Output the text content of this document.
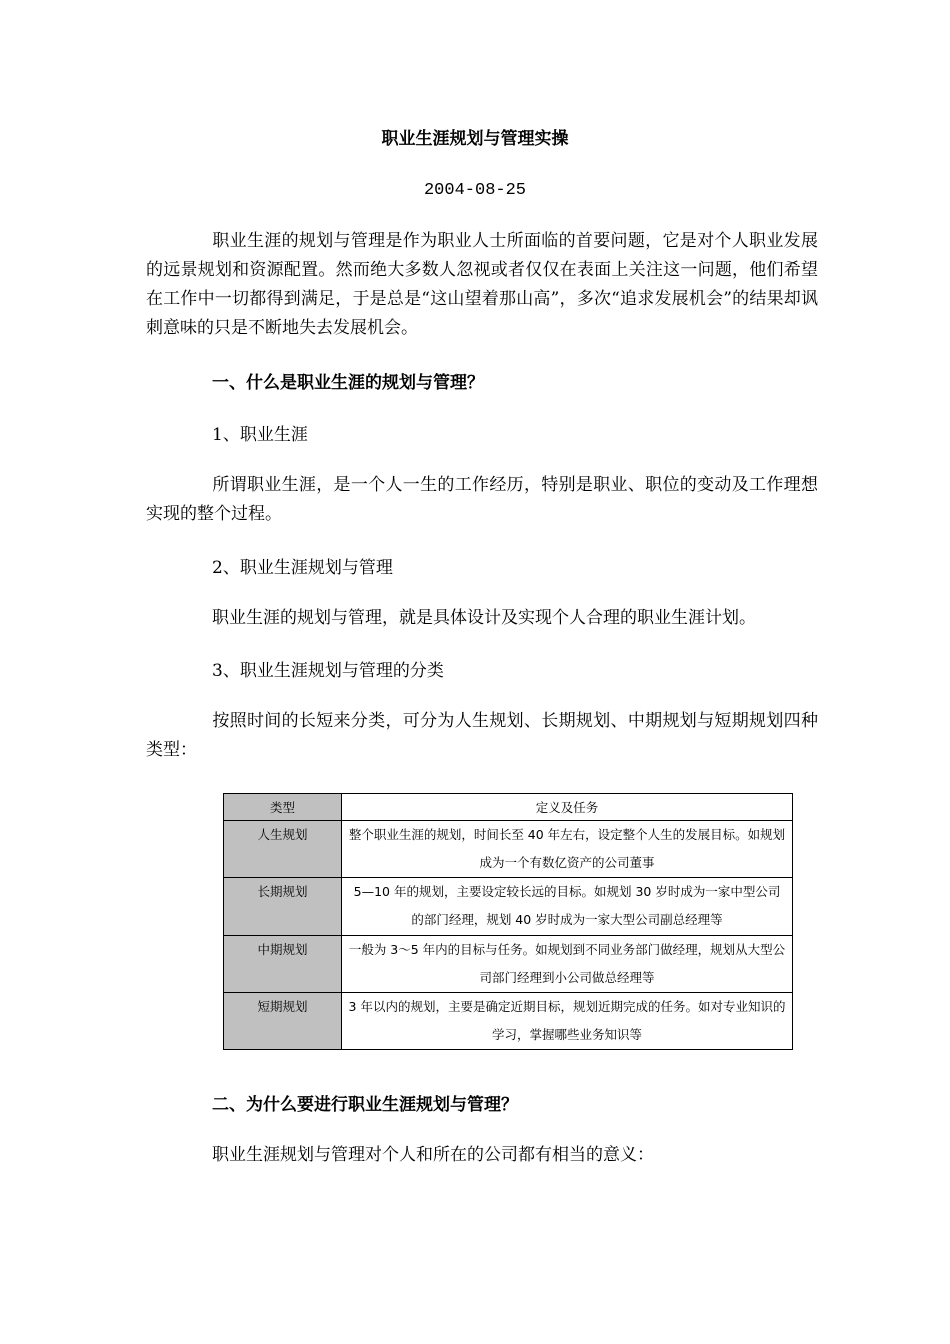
职业生涯规划与管理实操
2004-08-25
职业生涯的规划与管理是作为职业人士所面临的首要问题，它是对个人职业发展的远景规划和资源配置。然而绝大多数人忽视或者仅仅在表面上关注这一问题，他们希望在工作中一切都得到满足，于是总是“这山望着那山高”，多次“追求发展机会”的结果却讽刺意味的只是不断地失去发展机会。
一、什么是职业生涯的规划与管理？
1、职业生涯
所谓职业生涯，是一个人一生的工作经历，特别是职业、职位的变动及工作理想实现的整个过程。
2、职业生涯规划与管理
职业生涯的规划与管理，就是具体设计及实现个人合理的职业生涯计划。
3、职业生涯规划与管理的分类
按照时间的长短来分类，可分为人生规划、长期规划、中期规划与短期规划四种类型：
类型	定义及任务
人生规划	整个职业生涯的规划，时间长至 40 年左右，设定整个人生的发展目标。如规划成为一个有数亿资产的公司董事
长期规划	5—10 年的规划，主要设定较长远的目标。如规划 30 岁时成为一家中型公司的部门经理，规划 40 岁时成为一家大型公司副总经理等
中期规划	一般为 3～5 年内的目标与任务。如规划到不同业务部门做经理，规划从大型公司部门经理到小公司做总经理等
短期规划	3 年以内的规划，主要是确定近期目标，规划近期完成的任务。如对专业知识的学习，掌握哪些业务知识等
二、为什么要进行职业生涯规划与管理？
职业生涯规划与管理对个人和所在的公司都有相当的意义：
